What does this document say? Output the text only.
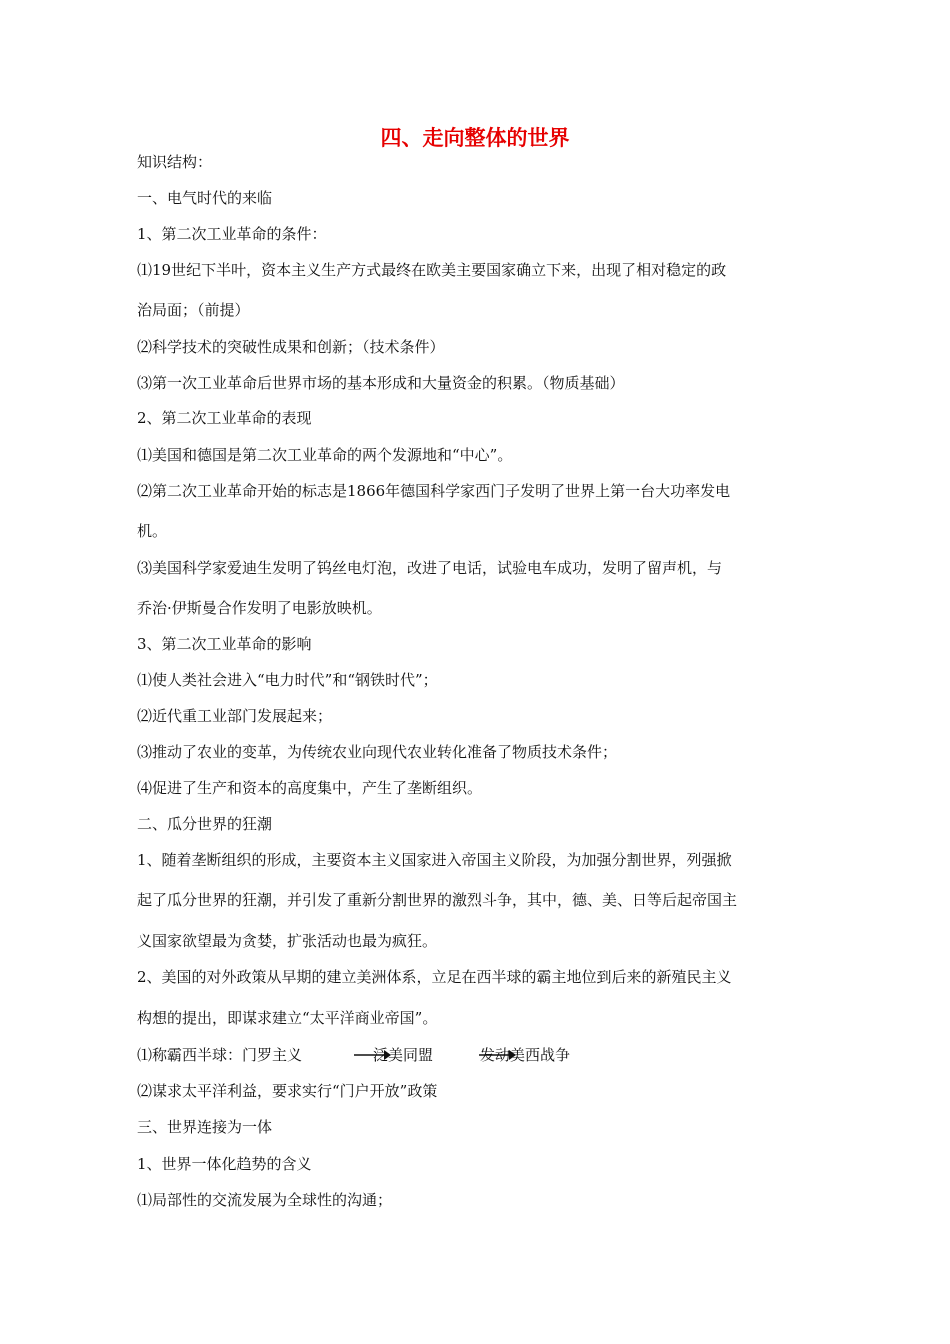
四、走向整体的世界
知识结构：
一、电气时代的来临
1、第二次工业革命的条件：
⑴19世纪下半叶，资本主义生产方式最终在欧美主要国家确立下来，出现了相对稳定的政
治局面；（前提）
⑵科学技术的突破性成果和创新；（技术条件）
⑶第一次工业革命后世界市场的基本形成和大量资金的积累。（物质基础）
2、第二次工业革命的表现
⑴美国和德国是第二次工业革命的两个发源地和“中心”。
⑵第二次工业革命开始的标志是1866年德国科学家西门子发明了世界上第一台大功率发电
机。
⑶美国科学家爱迪生发明了钨丝电灯泡，改进了电话，试验电车成功，发明了留声机，与
乔治·伊斯曼合作发明了电影放映机。
3、第二次工业革命的影响
⑴使人类社会进入“电力时代”和“钢铁时代”；
⑵近代重工业部门发展起来；
⑶推动了农业的变革，为传统农业向现代农业转化准备了物质技术条件；
⑷促进了生产和资本的高度集中，产生了垄断组织。
二、瓜分世界的狂潮
1、随着垄断组织的形成，主要资本主义国家进入帝国主义阶段，为加强分割世界，列强掀
起了瓜分世界的狂潮，并引发了重新分割世界的激烈斗争，其中，德、美、日等后起帝国主
义国家欲望最为贪婪，扩张活动也最为疯狂。
2、美国的对外政策从早期的建立美洲体系，立足在西半球的霸主地位到后来的新殖民主义
构想的提出，即谋求建立“太平洋商业帝国”。
⑴称霸西半球：门罗主义	泛美同盟	发动美西战争
⑵谋求太平洋利益，要求实行“门户开放”政策
三、世界连接为一体
1、世界一体化趋势的含义
⑴局部性的交流发展为全球性的沟通；
